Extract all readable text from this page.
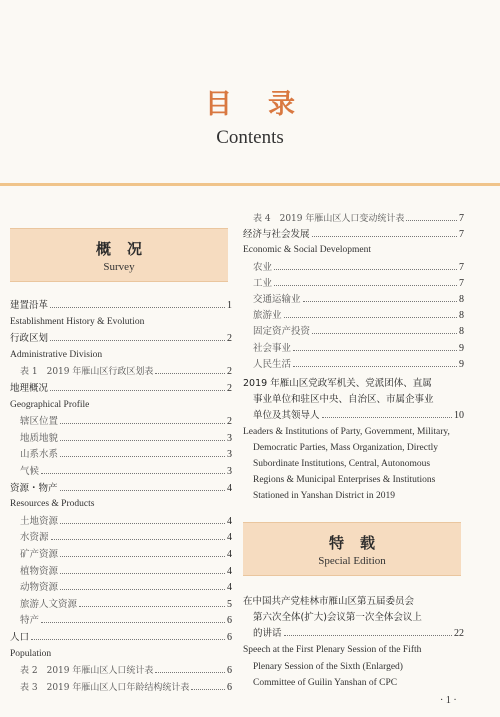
目录
Contents
概况
Survey
建置沿革	1
Establishment History & Evolution
行政区划	2
Administrative Division
表 1　2019 年雁山区行政区划表	2
地理概况	2
Geographical Profile
辖区位置	2
地质地貌	3
山系水系	3
气候	3
资源・物产	4
Resources & Products
土地资源	4
水资源	4
矿产资源	4
植物资源	4
动物资源	4
旅游人文资源	5
特产	6
人口	6
Population
表 2　2019 年雁山区人口统计表	6
表 3　2019 年雁山区人口年龄结构统计表	6
表 4　2019 年雁山区人口变动统计表	7
经济与社会发展	7
Economic & Social Development
农业	7
工业	7
交通运输业	8
旅游业	8
固定资产投资	8
社会事业	9
人民生活	9
2019 年雁山区党政军机关、党派团体、直属
事业单位和驻区中央、自治区、市属企事业
单位及其领导人	10
Leaders & Institutions of Party, Government, Military,
Democratic Parties, Mass Organization, Directly
Subordinate Institutions, Central, Autonomous
Regions & Municipal Enterprises & Institutions
Stationed in Yanshan District in 2019
特载
Special Edition
在中国共产党桂林市雁山区第五届委员会
第六次全体(扩大)会议第一次全体会议上
的讲话	22
Speech at the First Plenary Session of the Fifth
Plenary Session of the Sixth (Enlarged)
Committee of Guilin Yanshan of CPC
· 1 ·
